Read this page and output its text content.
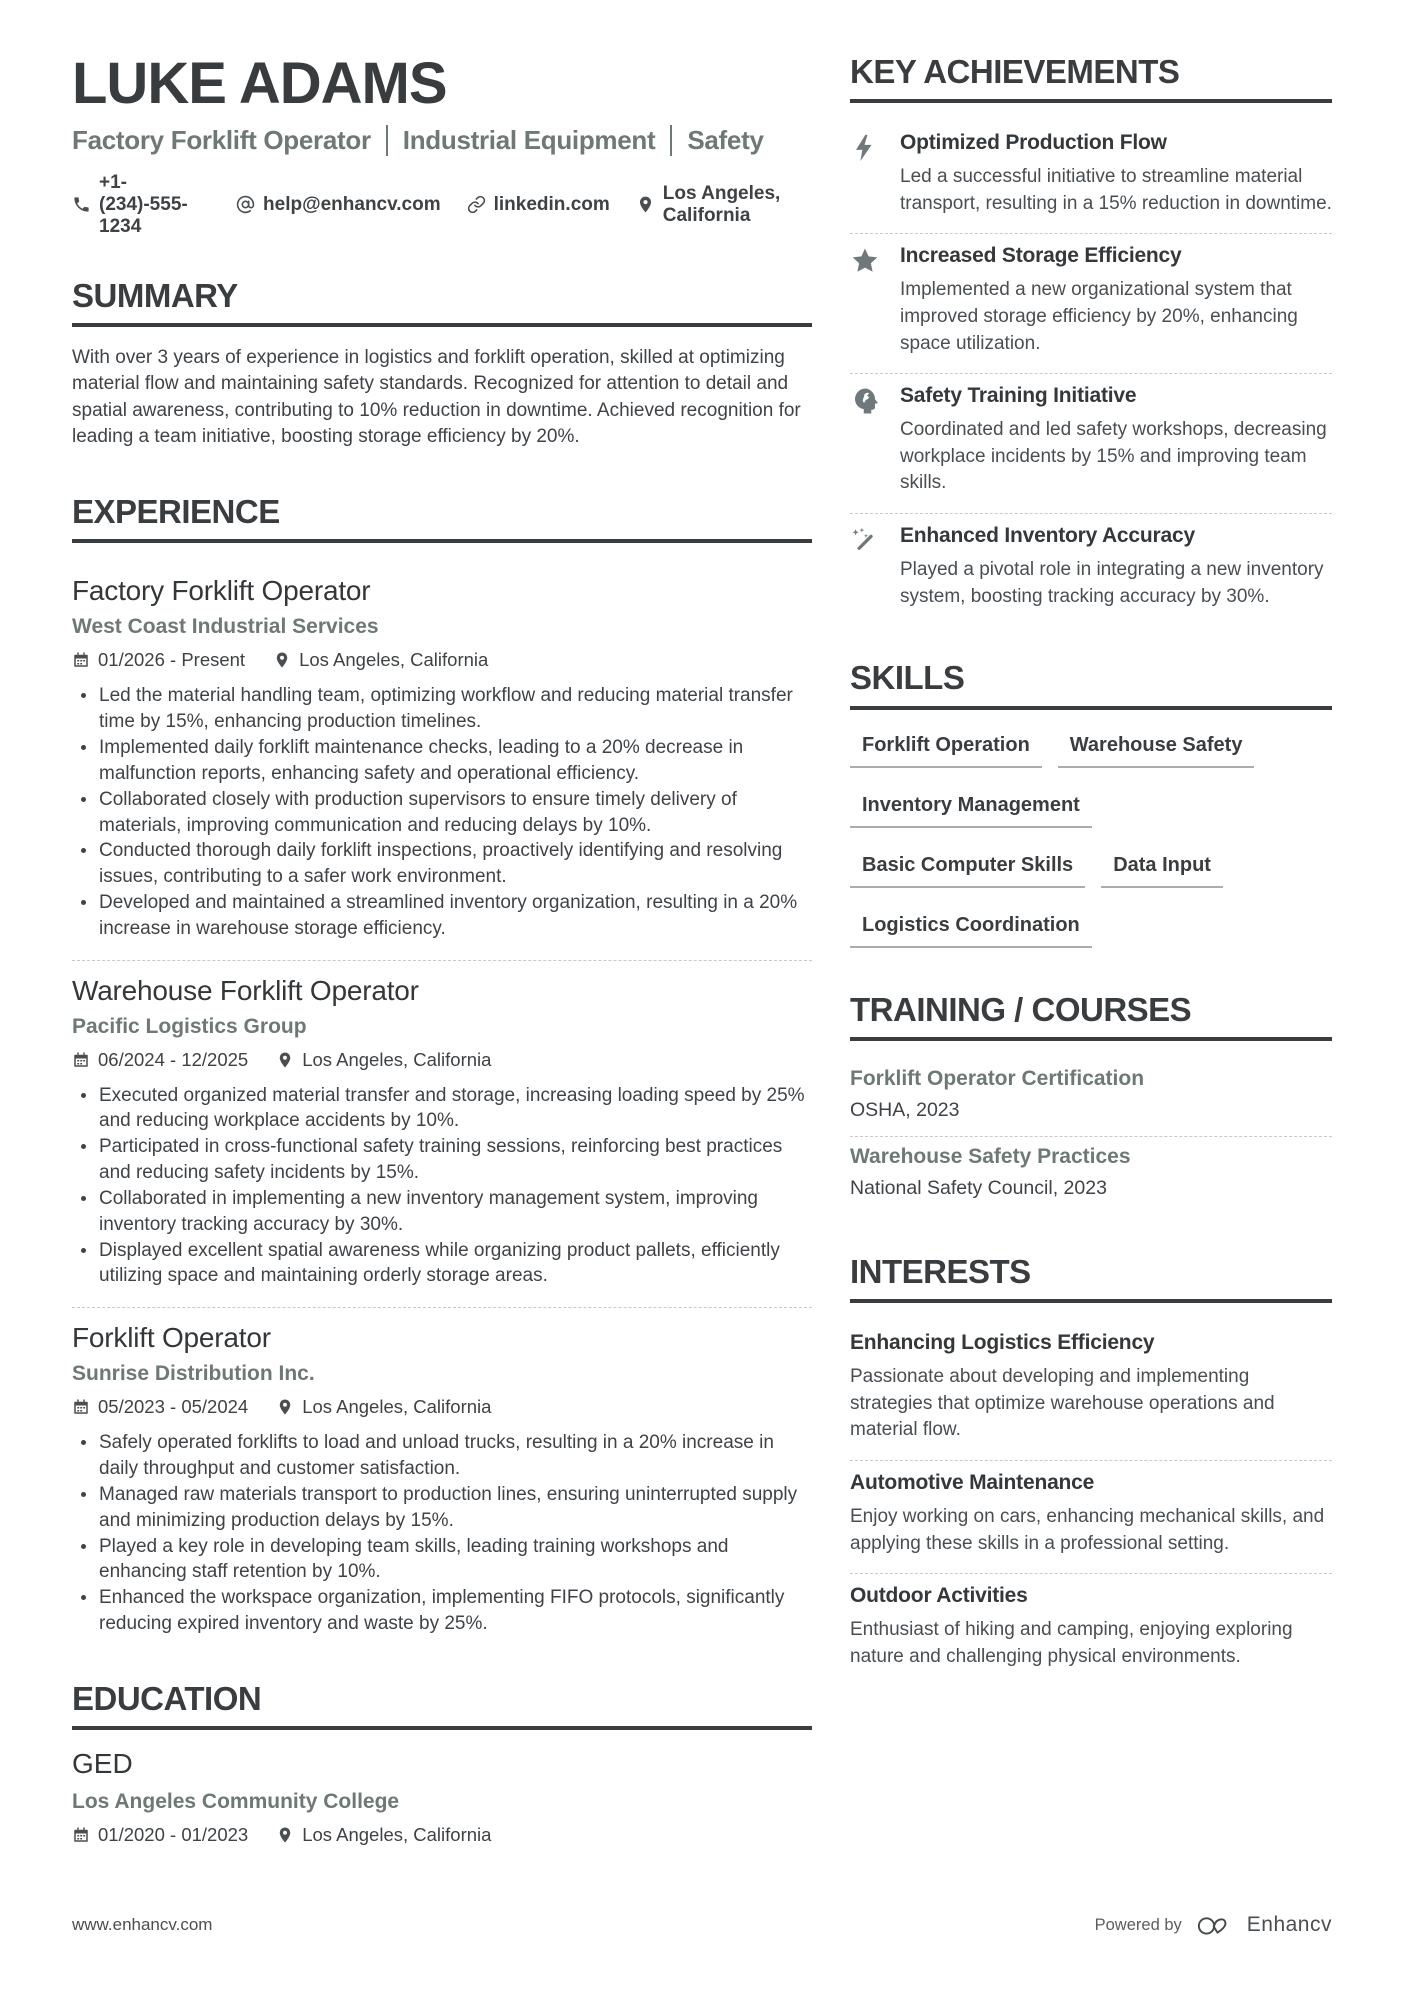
LUKE ADAMS
Factory Forklift Operator	Industrial Equipment	Safety
+1-(234)-555-1234
help@enhancv.com	linkedin.com
Los Angeles, California
SUMMARY

With over 3 years of experience in logistics and forklift operation, skilled at optimizing material flow and maintaining safety standards. Recognized for attention to detail and spatial awareness, contributing to 10% reduction in downtime. Achieved recognition for leading a team initiative, boosting storage efficiency by 20%.

EXPERIENCE
Factory Forklift Operator
West Coast Industrial Services
01/2026 - Present	Los Angeles, California
Led the material handling team, optimizing workflow and reducing material transfer time by 15%, enhancing production timelines.
Implemented daily forklift maintenance checks, leading to a 20% decrease in malfunction reports, enhancing safety and operational efficiency.
Collaborated closely with production supervisors to ensure timely delivery of materials, improving communication and reducing delays by 10%.
Conducted thorough daily forklift inspections, proactively identifying and resolving issues, contributing to a safer work environment.
Developed and maintained a streamlined inventory organization, resulting in a 20% increase in warehouse storage efficiency.
Warehouse Forklift Operator
Pacific Logistics Group
06/2024 - 12/2025	Los Angeles, California
Executed organized material transfer and storage, increasing loading speed by 25% and reducing workplace accidents by 10%.
Participated in cross-functional safety training sessions, reinforcing best practices and reducing safety incidents by 15%.
Collaborated in implementing a new inventory management system, improving inventory tracking accuracy by 30%.
Displayed excellent spatial awareness while organizing product pallets, efficiently utilizing space and maintaining orderly storage areas.
Forklift Operator
Sunrise Distribution Inc.
05/2023 - 05/2024	Los Angeles, California
Safely operated forklifts to load and unload trucks, resulting in a 20% increase in daily throughput and customer satisfaction.
Managed raw materials transport to production lines, ensuring uninterrupted supply and minimizing production delays by 15%.
Played a key role in developing team skills, leading training workshops and enhancing staff retention by 10%.
Enhanced the workspace organization, implementing FIFO protocols, significantly reducing expired inventory and waste by 25%.
EDUCATION
GED
Los Angeles Community College
01/2020 - 01/2023	Los Angeles, California
KEY ACHIEVEMENTS
Optimized Production Flow
Led a successful initiative to streamline material transport, resulting in a 15% reduction in downtime.
Increased Storage Efficiency
Implemented a new organizational system that improved storage efficiency by 20%, enhancing space utilization.
Safety Training Initiative
Coordinated and led safety workshops, decreasing workplace incidents by 15% and improving team skills.
Enhanced Inventory Accuracy
Played a pivotal role in integrating a new inventory system, boosting tracking accuracy by 30%.
SKILLS
Forklift Operation	Warehouse Safety
Inventory Management
Basic Computer Skills	Data Input
Logistics Coordination
TRAINING / COURSES
Forklift Operator Certification
OSHA, 2023
Warehouse Safety Practices
National Safety Council, 2023
INTERESTS
Enhancing Logistics Efficiency
Passionate about developing and implementing strategies that optimize warehouse operations and material flow.
Automotive Maintenance
Enjoy working on cars, enhancing mechanical skills, and applying these skills in a professional setting.
Outdoor Activities
Enthusiast of hiking and camping, enjoying exploring nature and challenging physical environments.
www.enhancv.com	Powered by	Enhancv
